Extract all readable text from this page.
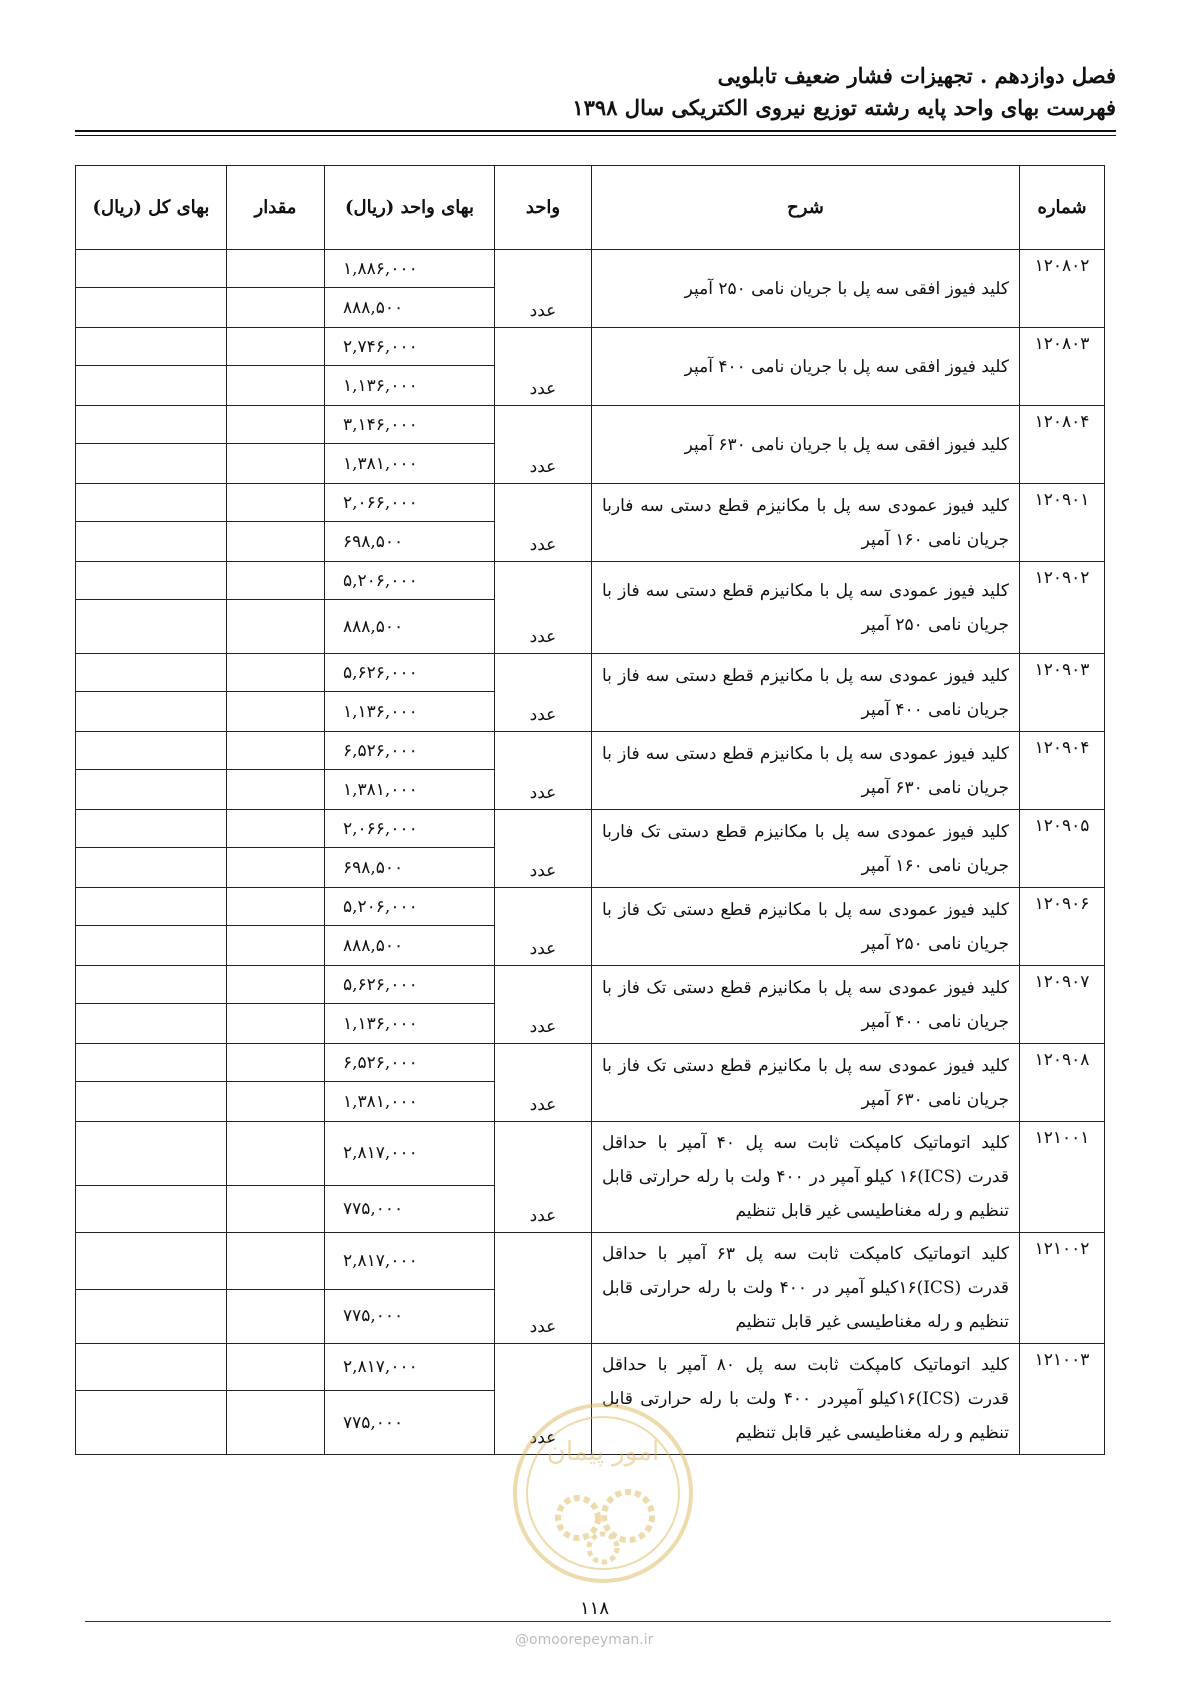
فصل دوازدهم . تجهیزات فشار ضعیف تابلویی
فهرست بهای واحد پایه رشته توزیع نیروی الکتریکی سال ۱۳۹۸
شماره	شرح	واحد	بهای واحد (ریال)	مقدار	بهای کل (ریال)
۱۲۰۸۰۲	کلید فیوز افقی سه پل با جریان نامی ۲۵۰ آمپر	عدد	۱,۸۸۶,۰۰۰		
			۸۸۸,۵۰۰		
۱۲۰۸۰۳	کلید فیوز افقی سه پل با جریان نامی ۴۰۰ آمپر	عدد	۲,۷۴۶,۰۰۰		
			۱,۱۳۶,۰۰۰		
۱۲۰۸۰۴	کلید فیوز افقی سه پل با جریان نامی ۶۳۰ آمپر	عدد	۳,۱۴۶,۰۰۰		
			۱,۳۸۱,۰۰۰		
۱۲۰۹۰۱	کلید فیوز عمودی سه پل با مکانیزم قطع دستی سه فاربا جریان نامی ۱۶۰ آمپر	عدد	۲,۰۶۶,۰۰۰		
			۶۹۸,۵۰۰		
۱۲۰۹۰۲	کلید فیوز عمودی سه پل با مکانیزم قطع دستی سه فاز با جریان نامی ۲۵۰ آمپر	عدد	۵,۲۰۶,۰۰۰		
			۸۸۸,۵۰۰		
۱۲۰۹۰۳	کلید فیوز عمودی سه پل با مکانیزم قطع دستی سه فاز با جریان نامی ۴۰۰ آمپر	عدد	۵,۶۲۶,۰۰۰		
			۱,۱۳۶,۰۰۰		
۱۲۰۹۰۴	کلید فیوز عمودی سه پل با مکانیزم قطع دستی سه فاز با جریان نامی ۶۳۰ آمپر	عدد	۶,۵۲۶,۰۰۰		
			۱,۳۸۱,۰۰۰		
۱۲۰۹۰۵	کلید فیوز عمودی سه پل با مکانیزم قطع دستی تک فاربا جریان نامی ۱۶۰ آمپر	عدد	۲,۰۶۶,۰۰۰		
			۶۹۸,۵۰۰		
۱۲۰۹۰۶	کلید فیوز عمودی سه پل با مکانیزم قطع دستی تک فاز با جریان نامی ۲۵۰ آمپر	عدد	۵,۲۰۶,۰۰۰		
			۸۸۸,۵۰۰		
۱۲۰۹۰۷	کلید فیوز عمودی سه پل با مکانیزم قطع دستی تک فاز با جریان نامی ۴۰۰ آمپر	عدد	۵,۶۲۶,۰۰۰		
			۱,۱۳۶,۰۰۰		
۱۲۰۹۰۸	کلید فیوز عمودی سه پل با مکانیزم قطع دستی تک فاز با جریان نامی ۶۳۰ آمپر	عدد	۶,۵۲۶,۰۰۰		
			۱,۳۸۱,۰۰۰		
۱۲۱۰۰۱	کلید اتوماتیک کامپکت ثابت سه پل ۴۰ آمپر با حداقل قدرت (ICS)۱۶ کیلو آمپر در ۴۰۰ ولت با رله حرارتی قابل تنظیم و رله مغناطیسی غیر قابل تنظیم	عدد	۲,۸۱۷,۰۰۰		
			۷۷۵,۰۰۰		
۱۲۱۰۰۲	کلید اتوماتیک کامپکت ثابت سه پل ۶۳ آمپر با حداقل قدرت (ICS)۱۶کیلو آمپر در ۴۰۰ ولت با رله حرارتی قابل تنظیم و رله مغناطیسی غیر قابل تنظیم	عدد	۲,۸۱۷,۰۰۰		
			۷۷۵,۰۰۰		
۱۲۱۰۰۳	کلید اتوماتیک کامپکت ثابت سه پل ۸۰ آمپر با حداقل قدرت (ICS)۱۶کیلو آمپردر ۴۰۰ ولت با رله حرارتی قابل تنظیم و رله مغناطیسی غیر قابل تنظیم	عدد	۲,۸۱۷,۰۰۰		
			۷۷۵,۰۰۰		
امور پیمان
۱۱۸
@omoorepeyman.ir
